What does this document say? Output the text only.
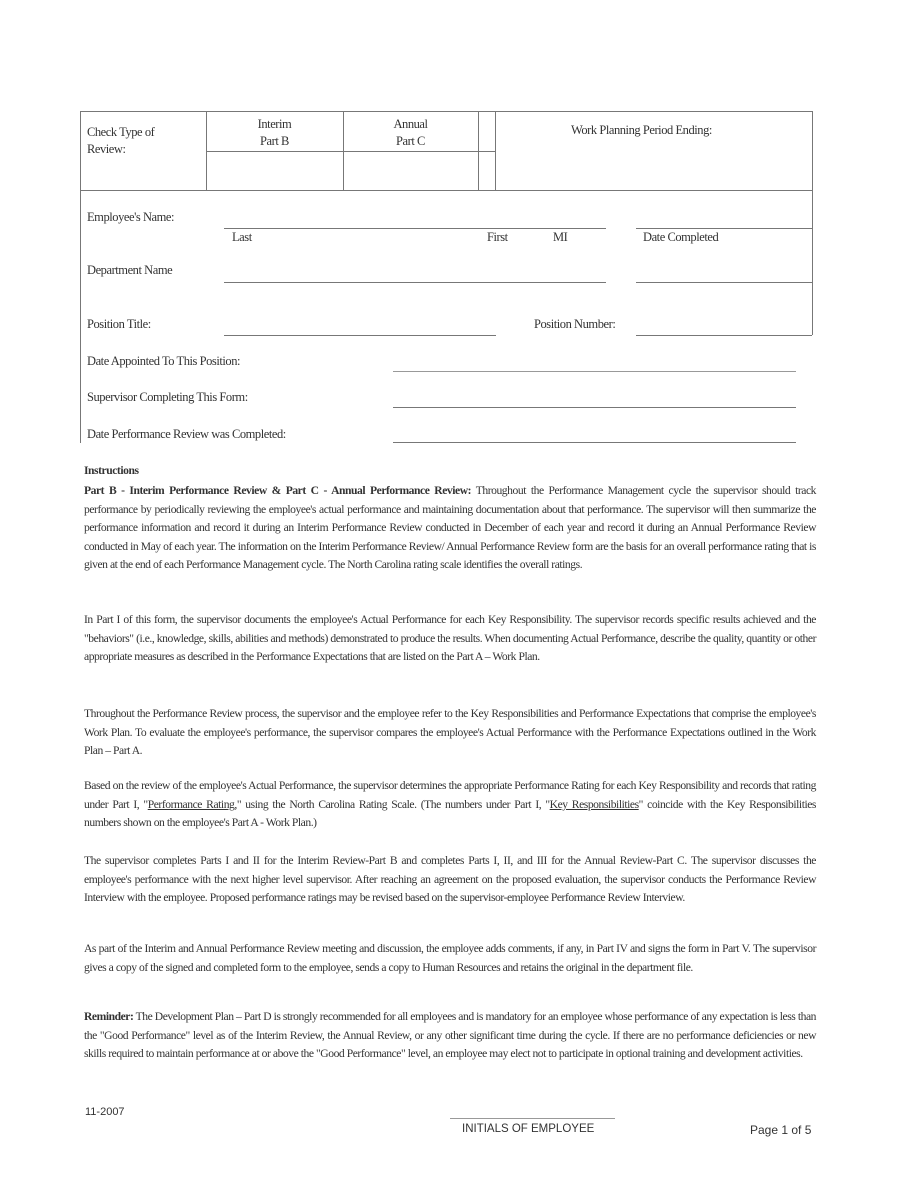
Check Type of Review:
Interim
Part B
Annual
Part C
Work Planning Period Ending:
Employee's Name:
Last	First	MI	Date Completed
Department Name
Position Title:	Position Number:
Date Appointed To This Position:
Supervisor Completing This Form:
Date Performance Review was Completed:
Instructions
Part B - Interim Performance Review & Part C - Annual Performance Review: Throughout the Performance Management cycle the supervisor should track performance by periodically reviewing the employee's actual performance and maintaining documentation about that performance. The supervisor will then summarize the performance information and record it during an Interim Performance Review conducted in December of each year and record it during an Annual Performance Review conducted in May of each year. The information on the Interim Performance Review/ Annual Performance Review form are the basis for an overall performance rating that is given at the end of each Performance Management cycle. The North Carolina rating scale identifies the overall ratings.
In Part I of this form, the supervisor documents the employee's Actual Performance for each Key Responsibility. The supervisor records specific results achieved and the "behaviors" (i.e., knowledge, skills, abilities and methods) demonstrated to produce the results. When documenting Actual Performance, describe the quality, quantity or other appropriate measures as described in the Performance Expectations that are listed on the Part A – Work Plan.
Throughout the Performance Review process, the supervisor and the employee refer to the Key Responsibilities and Performance Expectations that comprise the employee's Work Plan. To evaluate the employee's performance, the supervisor compares the employee's Actual Performance with the Performance Expectations outlined in the Work Plan – Part A.
Based on the review of the employee's Actual Performance, the supervisor determines the appropriate Performance Rating for each Key Responsibility and records that rating under Part I, "Performance Rating," using the North Carolina Rating Scale. (The numbers under Part I, "Key Responsibilities" coincide with the Key Responsibilities numbers shown on the employee's Part A - Work Plan.)
The supervisor completes Parts I and II for the Interim Review-Part B and completes Parts I, II, and III for the Annual Review-Part C. The supervisor discusses the employee's performance with the next higher level supervisor. After reaching an agreement on the proposed evaluation, the supervisor conducts the Performance Review Interview with the employee. Proposed performance ratings may be revised based on the supervisor-employee Performance Review Interview.
As part of the Interim and Annual Performance Review meeting and discussion, the employee adds comments, if any, in Part IV and signs the form in Part V. The supervisor gives a copy of the signed and completed form to the employee, sends a copy to Human Resources and retains the original in the department file.
Reminder: The Development Plan – Part D is strongly recommended for all employees and is mandatory for an employee whose performance of any expectation is less than the "Good Performance" level as of the Interim Review, the Annual Review, or any other significant time during the cycle. If there are no performance deficiencies or new skills required to maintain performance at or above the "Good Performance" level, an employee may elect not to participate in optional training and development activities.
11-2007
INITIALS OF EMPLOYEE	Page 1 of 5
